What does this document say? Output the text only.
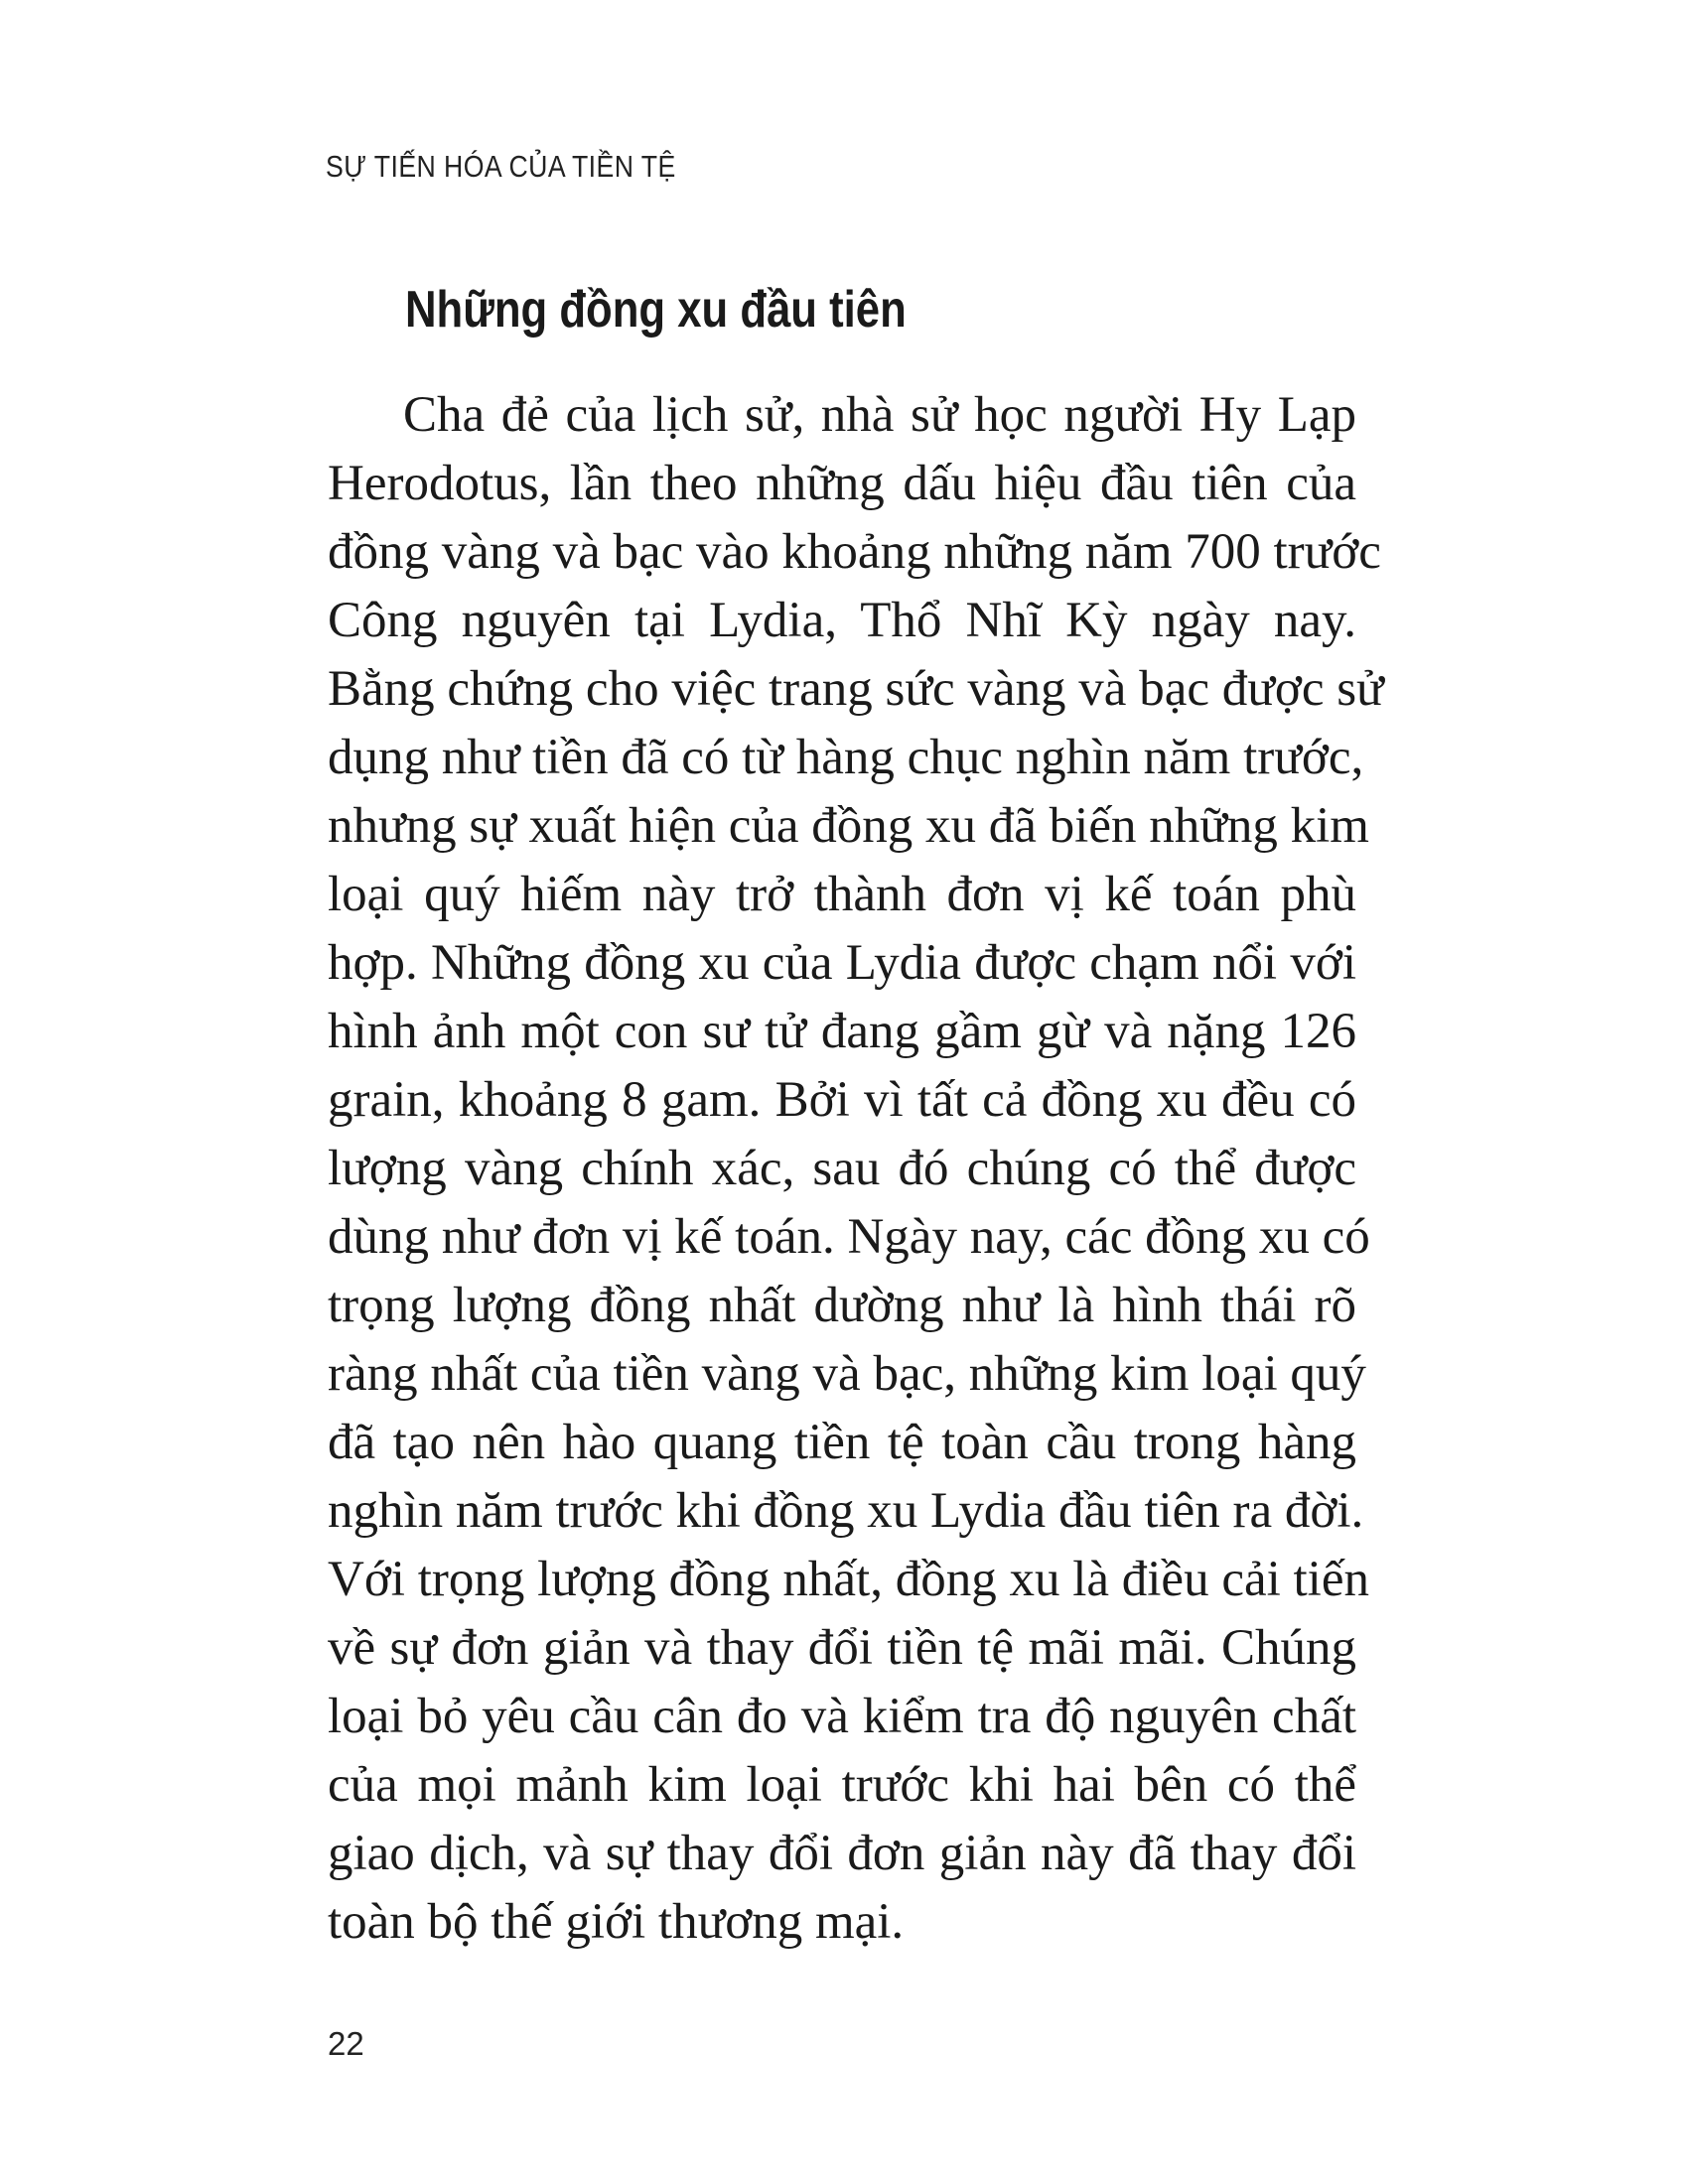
SỰ TIẾN HÓA CỦA TIỀN TỆ
Những đồng xu đầu tiên
Cha đẻ của lịch sử, nhà sử học người Hy Lạp
Herodotus, lần theo những dấu hiệu đầu tiên của
đồng vàng và bạc vào khoảng những năm 700 trước
Công nguyên tại Lydia, Thổ Nhĩ Kỳ ngày nay.
Bằng chứng cho việc trang sức vàng và bạc được sử
dụng như tiền đã có từ hàng chục nghìn năm trước,
nhưng sự xuất hiện của đồng xu đã biến những kim
loại quý hiếm này trở thành đơn vị kế toán phù
hợp. Những đồng xu của Lydia được chạm nổi với
hình ảnh một con sư tử đang gầm gừ và nặng 126
grain, khoảng 8 gam. Bởi vì tất cả đồng xu đều có
lượng vàng chính xác, sau đó chúng có thể được
dùng như đơn vị kế toán. Ngày nay, các đồng xu có
trọng lượng đồng nhất dường như là hình thái rõ
ràng nhất của tiền vàng và bạc, những kim loại quý
đã tạo nên hào quang tiền tệ toàn cầu trong hàng
nghìn năm trước khi đồng xu Lydia đầu tiên ra đời.
Với trọng lượng đồng nhất, đồng xu là điều cải tiến
về sự đơn giản và thay đổi tiền tệ mãi mãi. Chúng
loại bỏ yêu cầu cân đo và kiểm tra độ nguyên chất
của mọi mảnh kim loại trước khi hai bên có thể
giao dịch, và sự thay đổi đơn giản này đã thay đổi
toàn bộ thế giới thương mại.
22
